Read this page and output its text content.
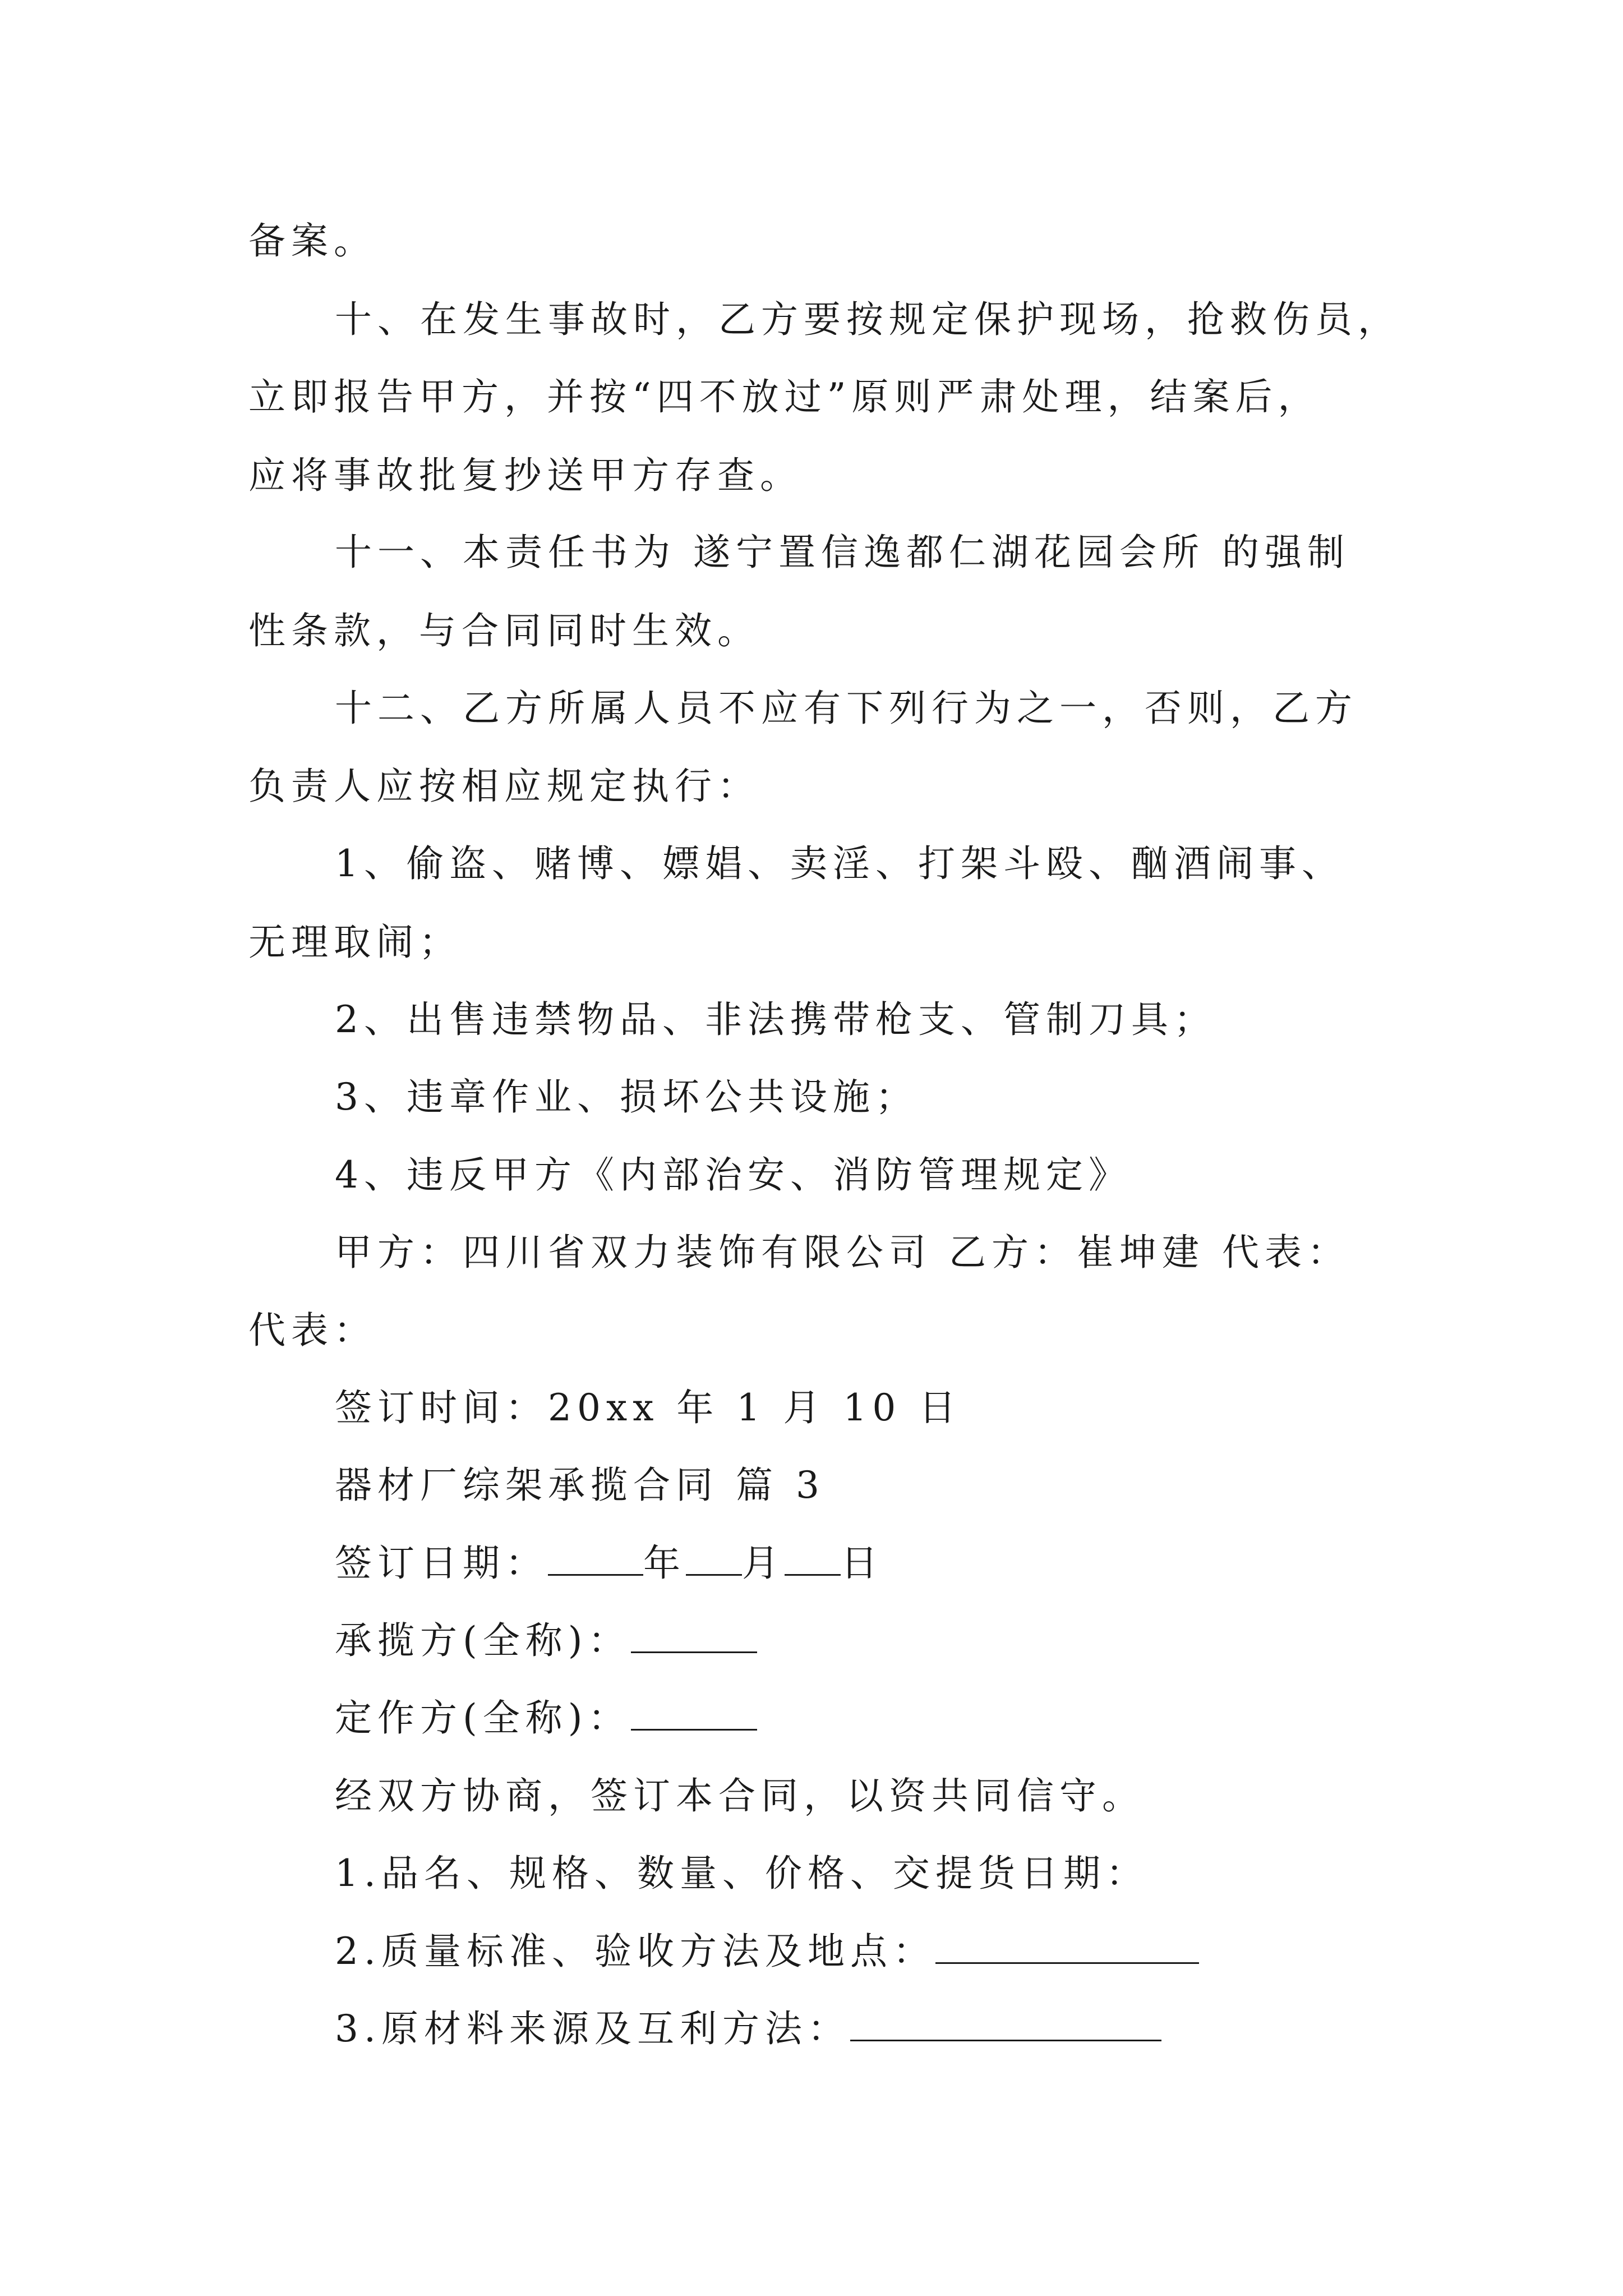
备案。
十、在发生事故时，乙方要按规定保护现场，抢救伤员，
立即报告甲方，并按“四不放过”原则严肃处理，结案后，
应将事故批复抄送甲方存查。
十一、本责任书为 遂宁置信逸都仁湖花园会所 的强制
性条款，与合同同时生效。
十二、乙方所属人员不应有下列行为之一，否则，乙方
负责人应按相应规定执行：
1、偷盗、赌博、嫖娼、卖淫、打架斗殴、酗酒闹事、
无理取闹；
2、出售违禁物品、非法携带枪支、管制刀具；
3、违章作业、损坏公共设施；
4、违反甲方《内部治安、消防管理规定》
甲方：四川省双力装饰有限公司 乙方：崔坤建 代表：
代表：
签订时间：20xx 年 1 月 10 日
器材厂综架承揽合同 篇 3
签订日期：	年 月 日
承揽方(全称)：
定作方(全称)：
经双方协商，签订本合同，以资共同信守。
1.品名、规格、数量、价格、交提货日期：
2.质量标准、验收方法及地点：
3.原材料来源及互利方法：
